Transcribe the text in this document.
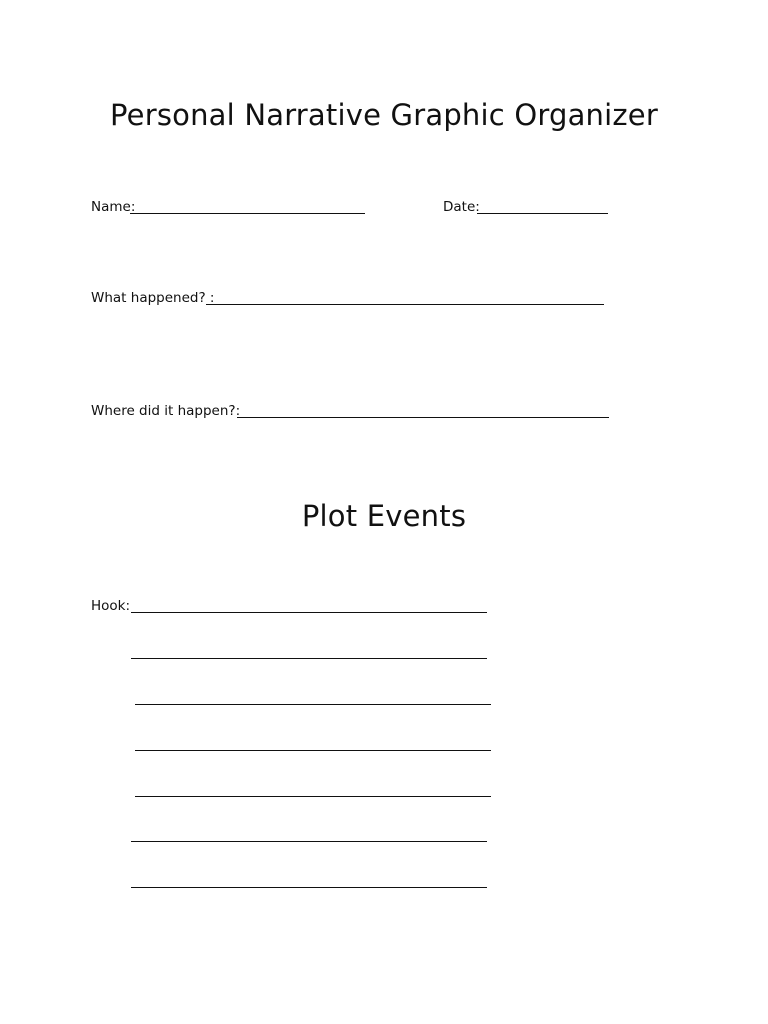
Personal Narrative Graphic Organizer
Name:	Date:
What happened? :
Where did it happen?:
Plot Events
Hook:
